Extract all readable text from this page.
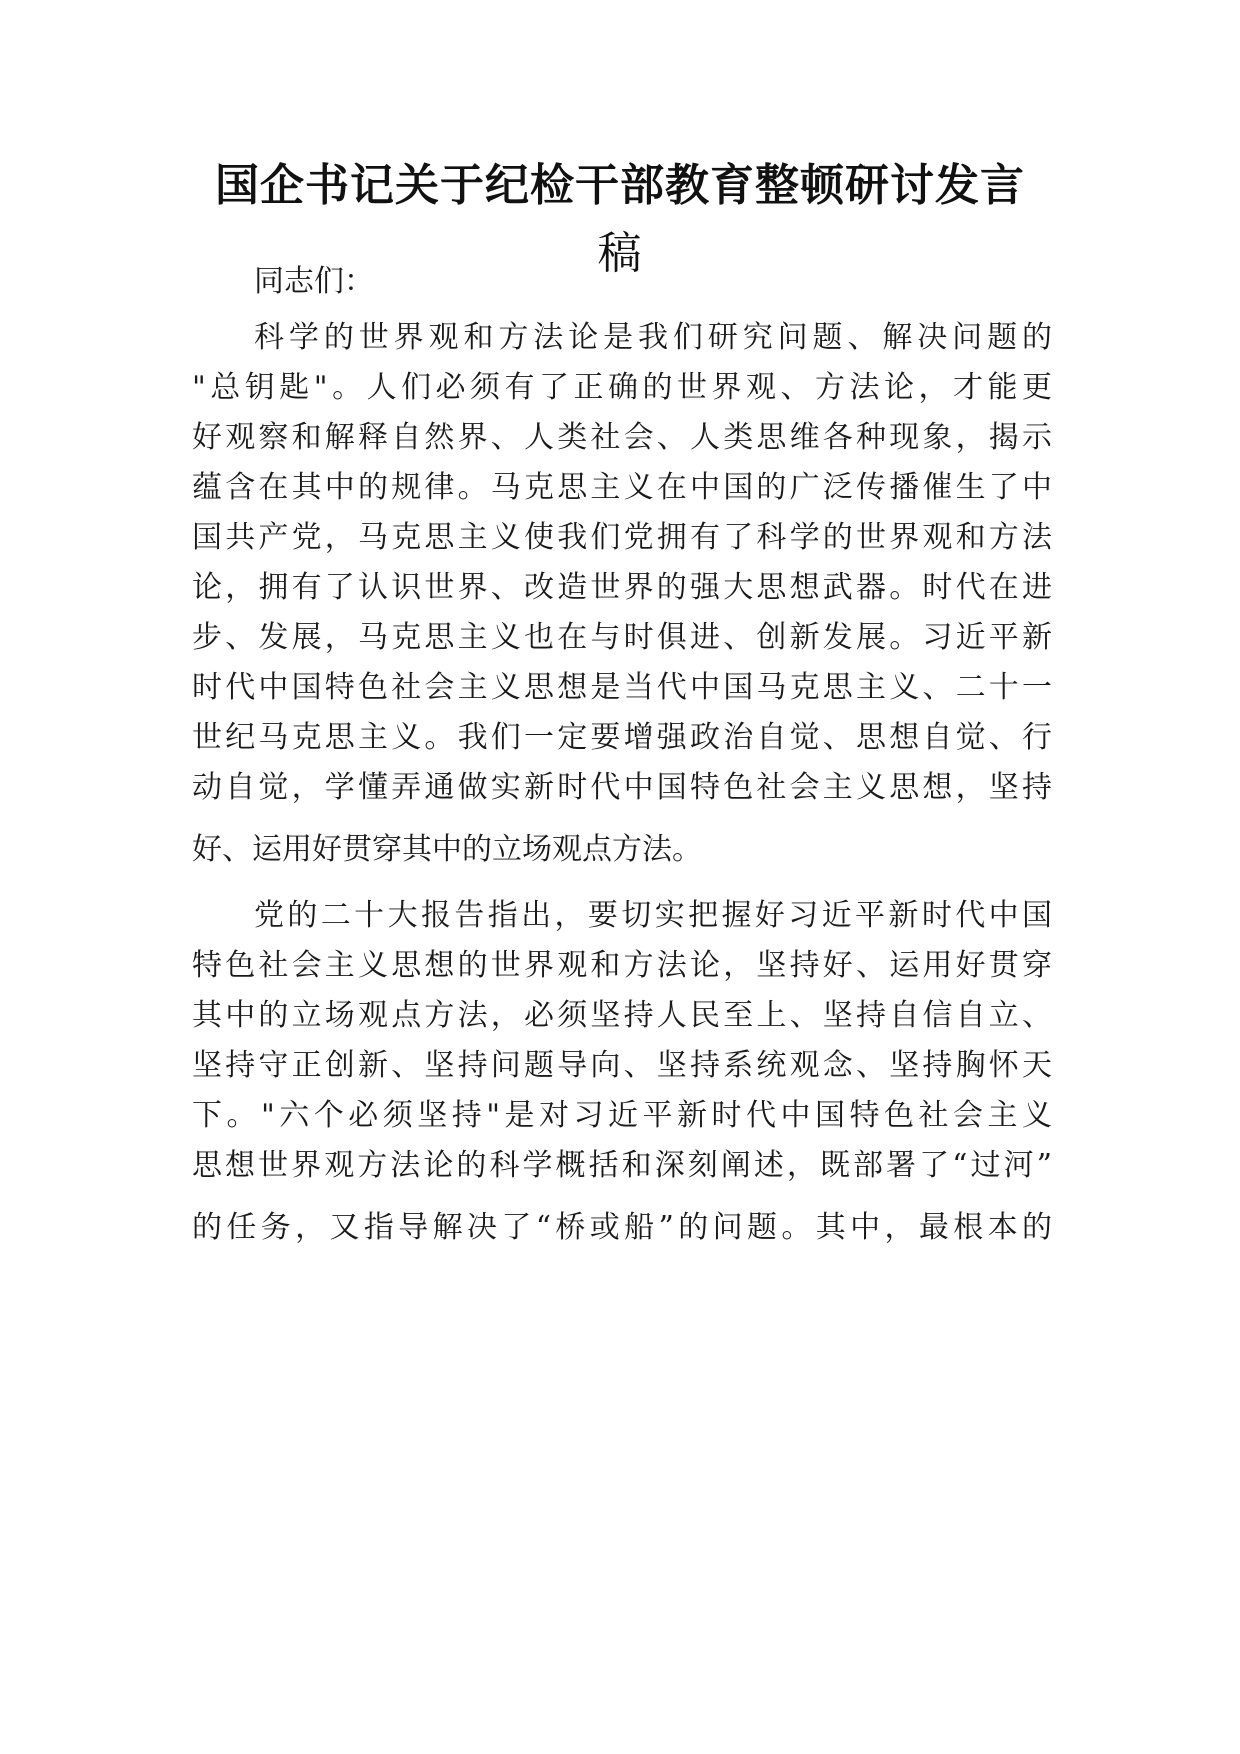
国企书记关于纪检干部教育整顿研讨发言
稿
同志们：
科学的世界观和方法论是我们研究问题、解决问题的
"总钥匙"。人们必须有了正确的世界观、方法论，才能更
好观察和解释自然界、人类社会、人类思维各种现象，揭示
蕴含在其中的规律。马克思主义在中国的广泛传播催生了中
国共产党，马克思主义使我们党拥有了科学的世界观和方法
论，拥有了认识世界、改造世界的强大思想武器。时代在进
步、发展，马克思主义也在与时俱进、创新发展。习近平新
时代中国特色社会主义思想是当代中国马克思主义、二十一
世纪马克思主义。我们一定要增强政治自觉、思想自觉、行
动自觉，学懂弄通做实新时代中国特色社会主义思想，坚持
好、运用好贯穿其中的立场观点方法。
党的二十大报告指出，要切实把握好习近平新时代中国
特色社会主义思想的世界观和方法论，坚持好、运用好贯穿
其中的立场观点方法，必须坚持人民至上、坚持自信自立、
坚持守正创新、坚持问题导向、坚持系统观念、坚持胸怀天
下。"六个必须坚持"是对习近平新时代中国特色社会主义
思想世界观方法论的科学概括和深刻阐述，既部署了“过河”
的任务，又指导解决了“桥或船”的问题。其中，最根本的
